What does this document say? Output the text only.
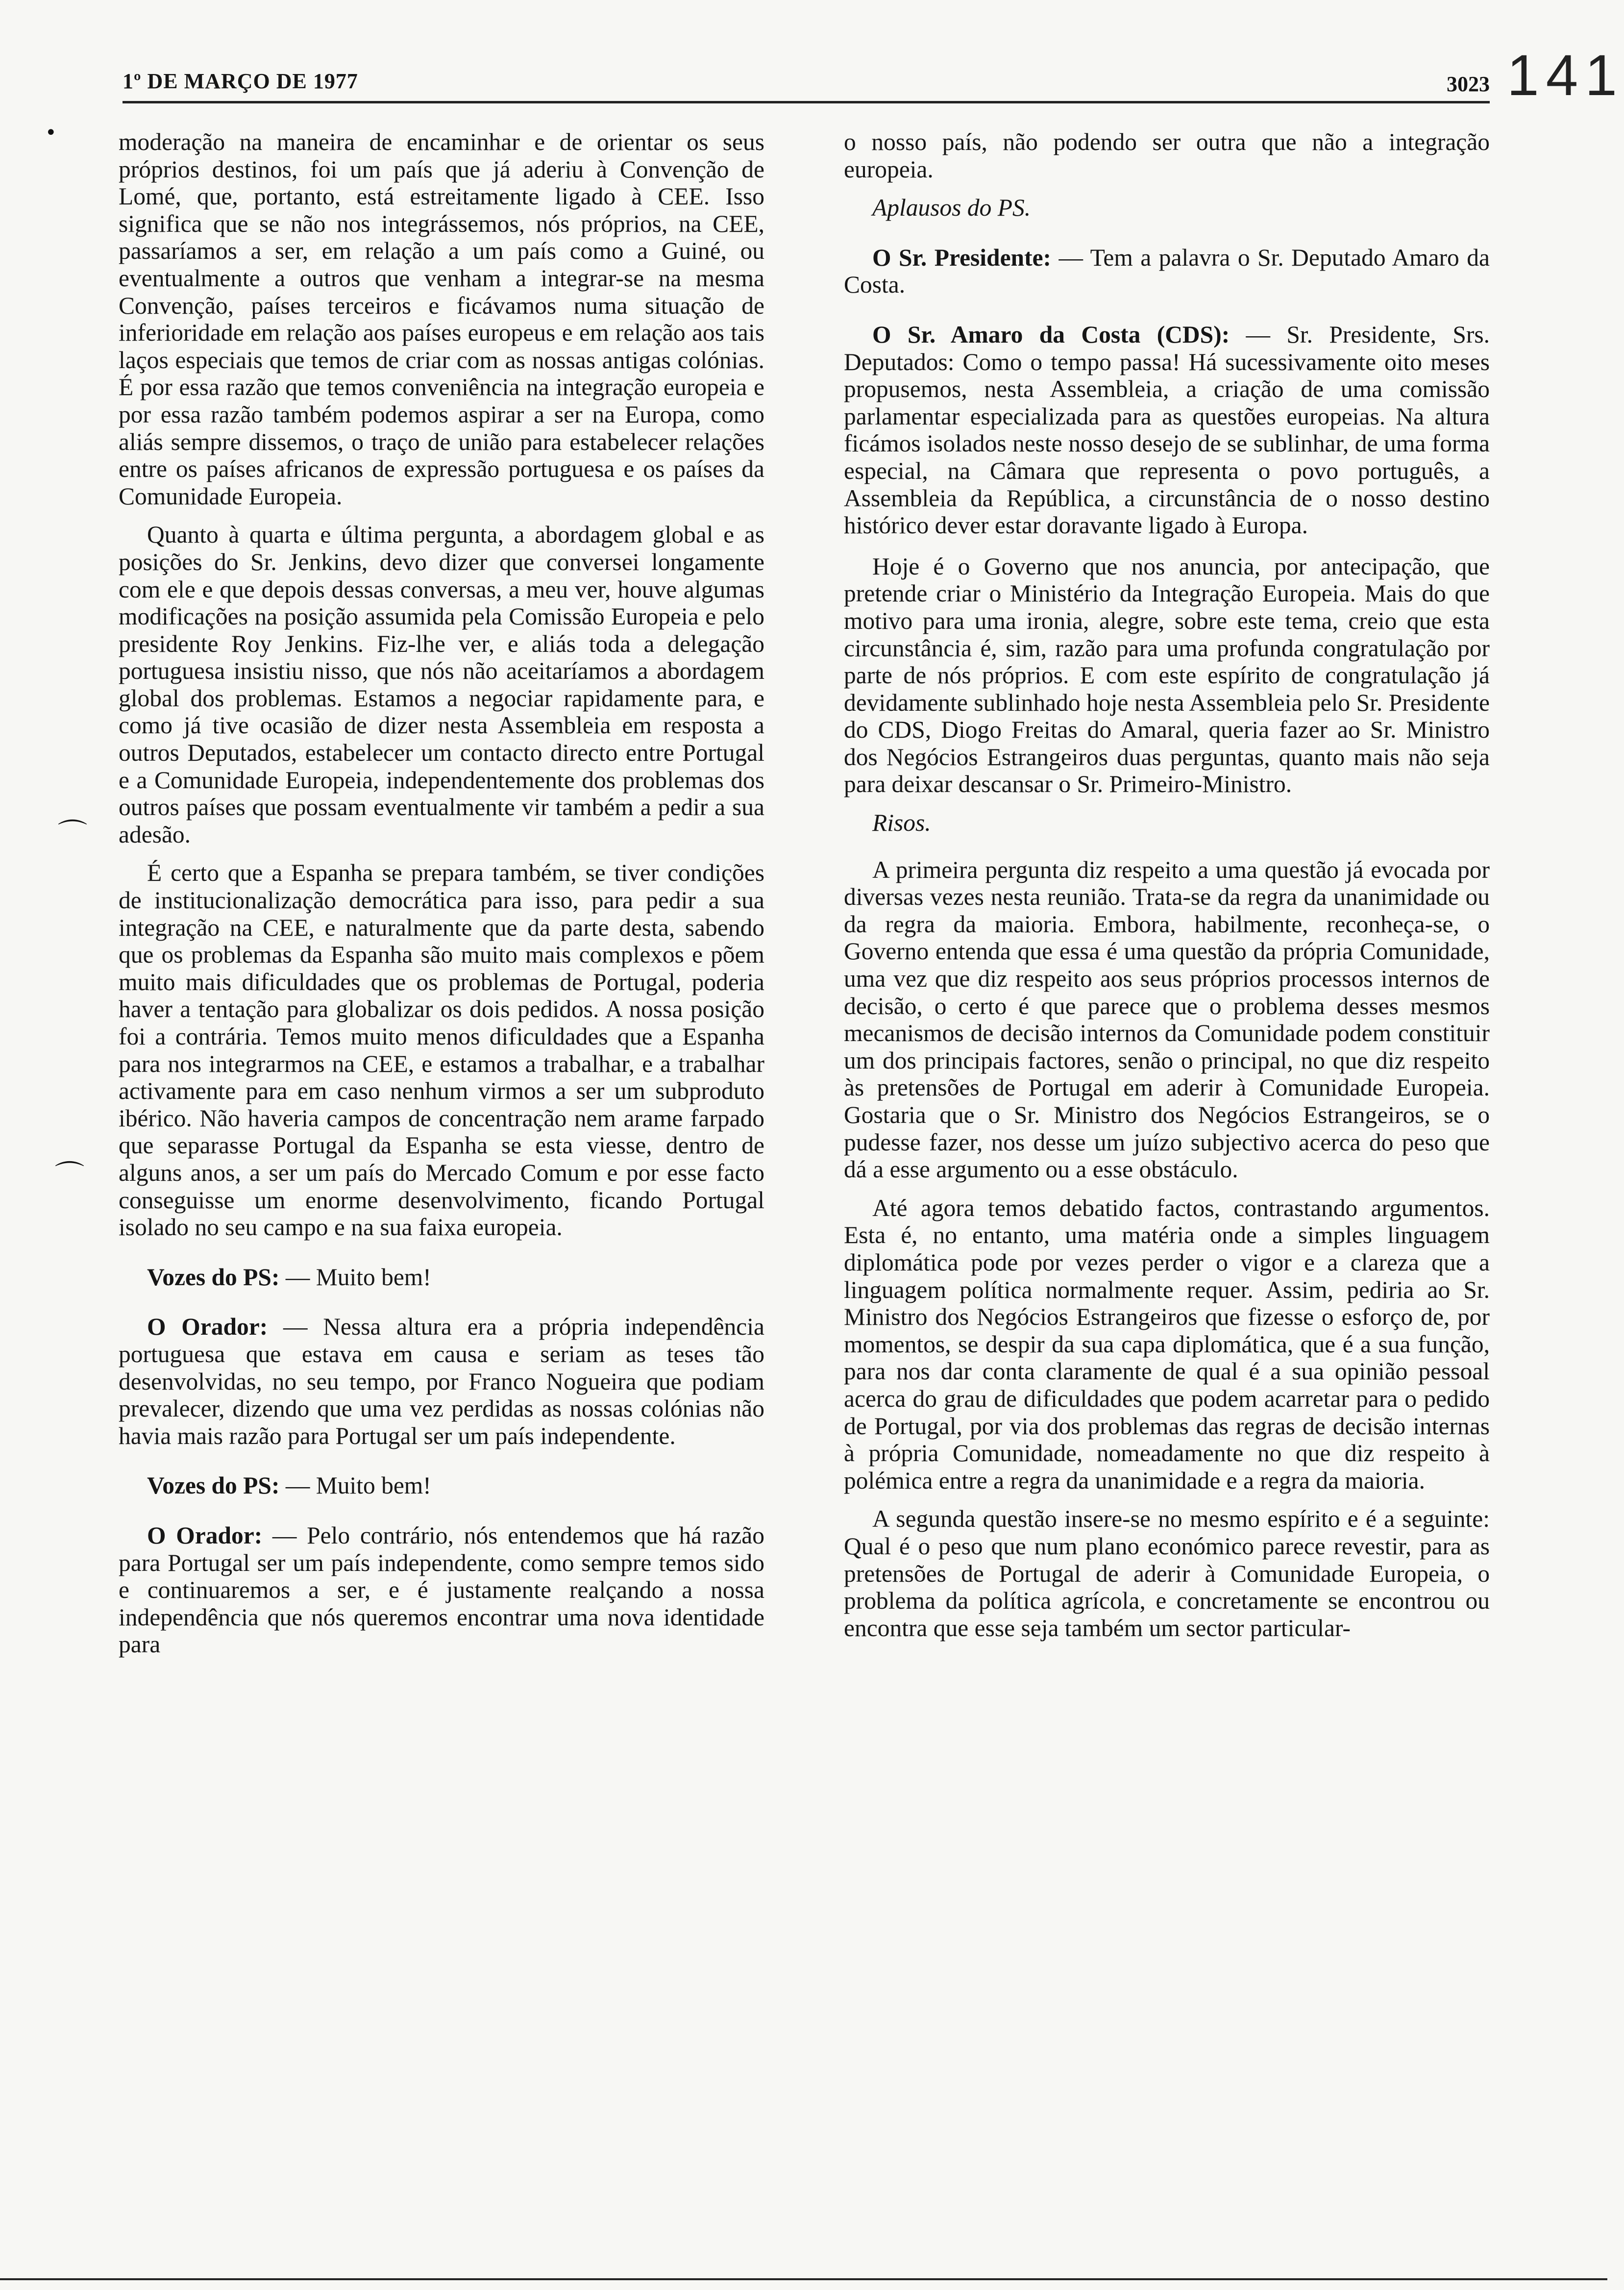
1º DE MARÇO DE 1977	3023 141
•
⌒
⌒

moderação na maneira de encaminhar e de orientar os seus próprios destinos, foi um país que já aderiu à Convenção de Lomé, que, portanto, está estreitamente ligado à CEE. Isso significa que se não nos integrássemos, nós próprios, na CEE, passaríamos a ser, em relação a um país como a Guiné, ou eventualmente a outros que venham a integrar-se na mesma Convenção, países terceiros e ficávamos numa situação de inferioridade em relação aos países europeus e em relação aos tais laços especiais que temos de criar com as nossas antigas colónias. É por essa razão que temos conveniência na integração europeia e por essa razão também podemos aspirar a ser na Europa, como aliás sempre dissemos, o traço de união para estabelecer relações entre os países africanos de expressão portuguesa e os países da Comunidade Europeia.

Quanto à quarta e última pergunta, a abordagem global e as posições do Sr. Jenkins, devo dizer que conversei longamente com ele e que depois dessas conversas, a meu ver, houve algumas modificações na posição assumida pela Comissão Europeia e pelo presidente Roy Jenkins. Fiz-lhe ver, e aliás toda a delegação portuguesa insistiu nisso, que nós não aceitaríamos a abordagem global dos problemas. Estamos a negociar rapidamente para, e como já tive ocasião de dizer nesta Assembleia em resposta a outros Deputados, estabelecer um contacto directo entre Portugal e a Comunidade Europeia, independentemente dos problemas dos outros países que possam eventualmente vir também a pedir a sua adesão.

É certo que a Espanha se prepara também, se tiver condições de institucionalização democrática para isso, para pedir a sua integração na CEE, e naturalmente que da parte desta, sabendo que os problemas da Espanha são muito mais complexos e põem muito mais dificuldades que os problemas de Portugal, poderia haver a tentação para globalizar os dois pedidos. A nossa posição foi a contrária. Temos muito menos dificuldades que a Espanha para nos integrarmos na CEE, e estamos a trabalhar, e a trabalhar activamente para em caso nenhum virmos a ser um subproduto ibérico. Não haveria campos de concentração nem arame farpado que separasse Portugal da Espanha se esta viesse, dentro de alguns anos, a ser um país do Mercado Comum e por esse facto conseguisse um enorme desenvolvimento, ficando Portugal isolado no seu campo e na sua faixa europeia.

Vozes do PS: — Muito bem!

O Orador: — Nessa altura era a própria independência portuguesa que estava em causa e seriam as teses tão desenvolvidas, no seu tempo, por Franco Nogueira que podiam prevalecer, dizendo que uma vez perdidas as nossas colónias não havia mais razão para Portugal ser um país independente.

Vozes do PS: — Muito bem!

O Orador: — Pelo contrário, nós entendemos que há razão para Portugal ser um país independente, como sempre temos sido e continuaremos a ser, e é justamente realçando a nossa independência que nós queremos encontrar uma nova identidade para

o nosso país, não podendo ser outra que não a integração europeia.

Aplausos do PS.

O Sr. Presidente: — Tem a palavra o Sr. Deputado Amaro da Costa.

O Sr. Amaro da Costa (CDS): — Sr. Presidente, Srs. Deputados: Como o tempo passa! Há sucessivamente oito meses propusemos, nesta Assembleia, a criação de uma comissão parlamentar especializada para as questões europeias. Na altura ficámos isolados neste nosso desejo de se sublinhar, de uma forma especial, na Câmara que representa o povo português, a Assembleia da República, a circunstância de o nosso destino histórico dever estar doravante ligado à Europa.

Hoje é o Governo que nos anuncia, por antecipação, que pretende criar o Ministério da Integração Europeia. Mais do que motivo para uma ironia, alegre, sobre este tema, creio que esta circunstância é, sim, razão para uma profunda congratulação por parte de nós próprios. E com este espírito de congratulação já devidamente sublinhado hoje nesta Assembleia pelo Sr. Presidente do CDS, Diogo Freitas do Amaral, queria fazer ao Sr. Ministro dos Negócios Estrangeiros duas perguntas, quanto mais não seja para deixar descansar o Sr. Primeiro-Ministro.

Risos.

A primeira pergunta diz respeito a uma questão já evocada por diversas vezes nesta reunião. Trata-se da regra da unanimidade ou da regra da maioria. Embora, habilmente, reconheça-se, o Governo entenda que essa é uma questão da própria Comunidade, uma vez que diz respeito aos seus próprios processos internos de decisão, o certo é que parece que o problema desses mesmos mecanismos de decisão internos da Comunidade podem constituir um dos principais factores, senão o principal, no que diz respeito às pretensões de Portugal em aderir à Comunidade Europeia. Gostaria que o Sr. Ministro dos Negócios Estrangeiros, se o pudesse fazer, nos desse um juízo subjectivo acerca do peso que dá a esse argumento ou a esse obstáculo.

Até agora temos debatido factos, contrastando argumentos. Esta é, no entanto, uma matéria onde a simples linguagem diplomática pode por vezes perder o vigor e a clareza que a linguagem política normalmente requer. Assim, pediria ao Sr. Ministro dos Negócios Estrangeiros que fizesse o esforço de, por momentos, se despir da sua capa diplomática, que é a sua função, para nos dar conta claramente de qual é a sua opinião pessoal acerca do grau de dificuldades que podem acarretar para o pedido de Portugal, por via dos problemas das regras de decisão internas à própria Comunidade, nomeadamente no que diz respeito à polémica entre a regra da unanimidade e a regra da maioria.

A segunda questão insere-se no mesmo espírito e é a seguinte: Qual é o peso que num plano económico parece revestir, para as pretensões de Portugal de aderir à Comunidade Europeia, o problema da política agrícola, e concretamente se encontrou ou encontra que esse seja também um sector particular-
